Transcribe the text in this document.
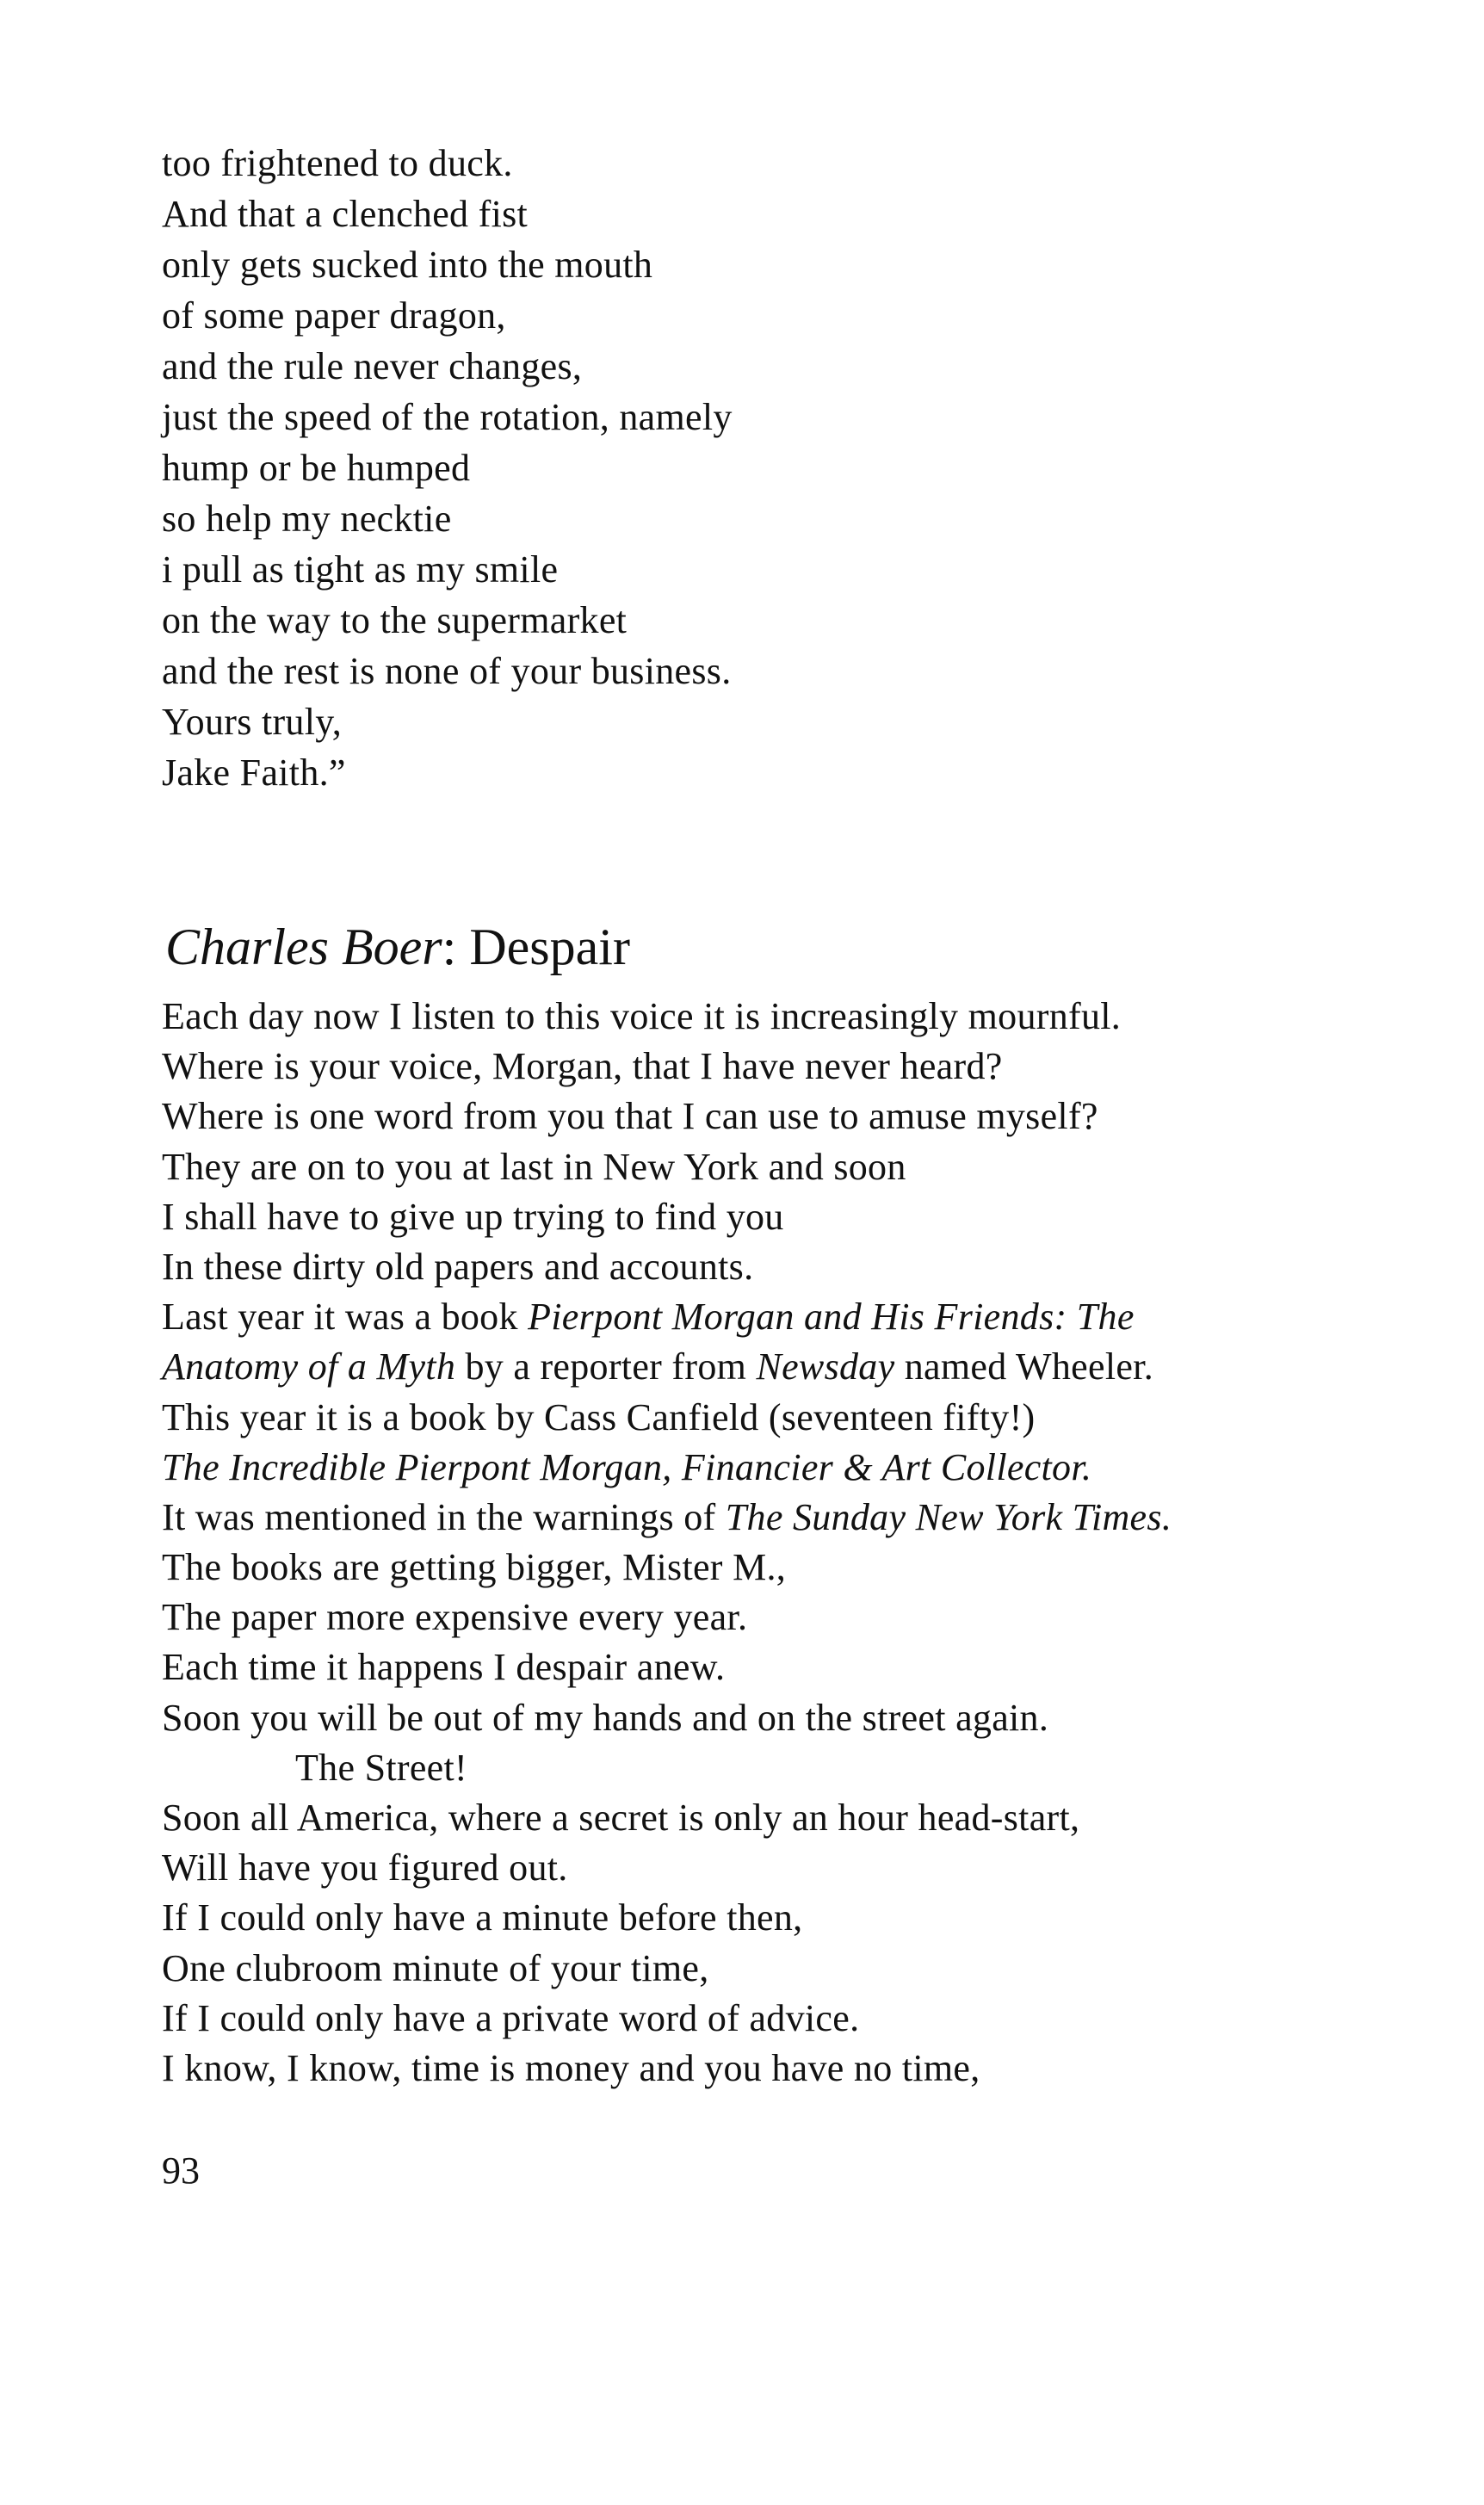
too frightened to duck.
And that a clenched fist
only gets sucked into the mouth
of some paper dragon,
and the rule never changes,
just the speed of the rotation, namely
hump or be humped
so help my necktie
i pull as tight as my smile
on the way to the supermarket
and the rest is none of your business.
Yours truly,
Jake Faith.”
Charles Boer: Despair
Each day now I listen to this voice it is increasingly mournful.
Where is your voice, Morgan, that I have never heard?
Where is one word from you that I can use to amuse myself?
They are on to you at last in New York and soon
I shall have to give up trying to find you
In these dirty old papers and accounts.
Last year it was a book Pierpont Morgan and His Friends: The
Anatomy of a Myth by a reporter from Newsday named Wheeler.
This year it is a book by Cass Canfield (seventeen fifty!)
The Incredible Pierpont Morgan, Financier & Art Collector.
It was mentioned in the warnings of The Sunday New York Times.
The books are getting bigger, Mister M.,
The paper more expensive every year.
Each time it happens I despair anew.
Soon you will be out of my hands and on the street again.
The Street!
Soon all America, where a secret is only an hour head-start,
Will have you figured out.
If I could only have a minute before then,
One clubroom minute of your time,
If I could only have a private word of advice.
I know, I know, time is money and you have no time,
93
